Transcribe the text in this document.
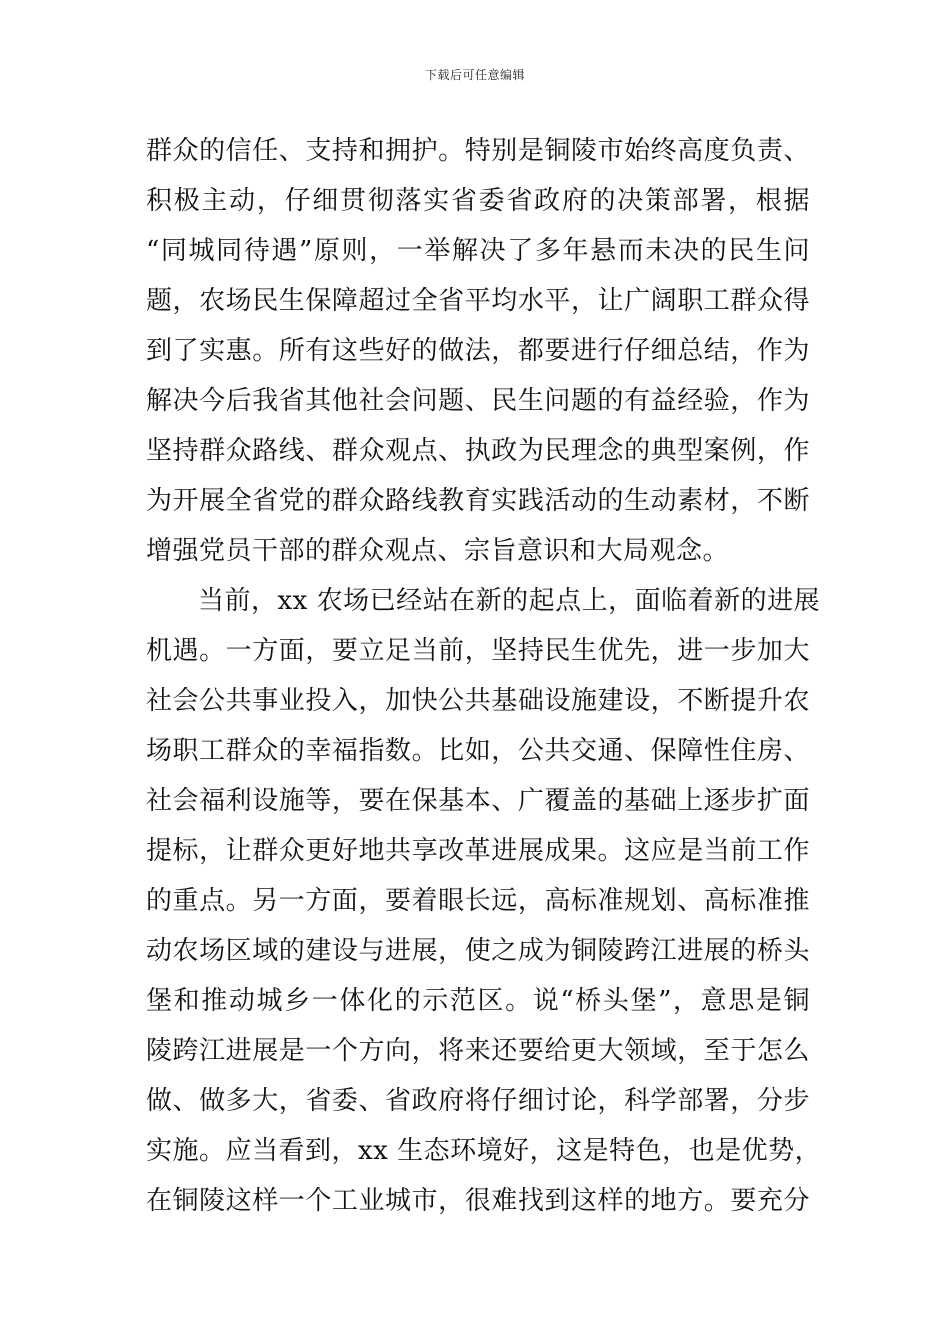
下载后可任意编辑
群众的信任、支持和拥护。特别是铜陵市始终高度负责、
积极主动，仔细贯彻落实省委省政府的决策部署，根据
“同城同待遇”原则，一举解决了多年悬而未决的民生问
题，农场民生保障超过全省平均水平，让广阔职工群众得
到了实惠。所有这些好的做法，都要进行仔细总结，作为
解决今后我省其他社会问题、民生问题的有益经验，作为
坚持群众路线、群众观点、执政为民理念的典型案例，作
为开展全省党的群众路线教育实践活动的生动素材，不断
增强党员干部的群众观点、宗旨意识和大局观念。
当前，xx 农场已经站在新的起点上，面临着新的进展
机遇。一方面，要立足当前，坚持民生优先，进一步加大
社会公共事业投入，加快公共基础设施建设，不断提升农
场职工群众的幸福指数。比如，公共交通、保障性住房、
社会福利设施等，要在保基本、广覆盖的基础上逐步扩面
提标，让群众更好地共享改革进展成果。这应是当前工作
的重点。另一方面，要着眼长远，高标准规划、高标准推
动农场区域的建设与进展，使之成为铜陵跨江进展的桥头
堡和推动城乡一体化的示范区。说“桥头堡”，意思是铜
陵跨江进展是一个方向，将来还要给更大领域，至于怎么
做、做多大，省委、省政府将仔细讨论，科学部署，分步
实施。应当看到，xx 生态环境好，这是特色，也是优势，
在铜陵这样一个工业城市，很难找到这样的地方。要充分
